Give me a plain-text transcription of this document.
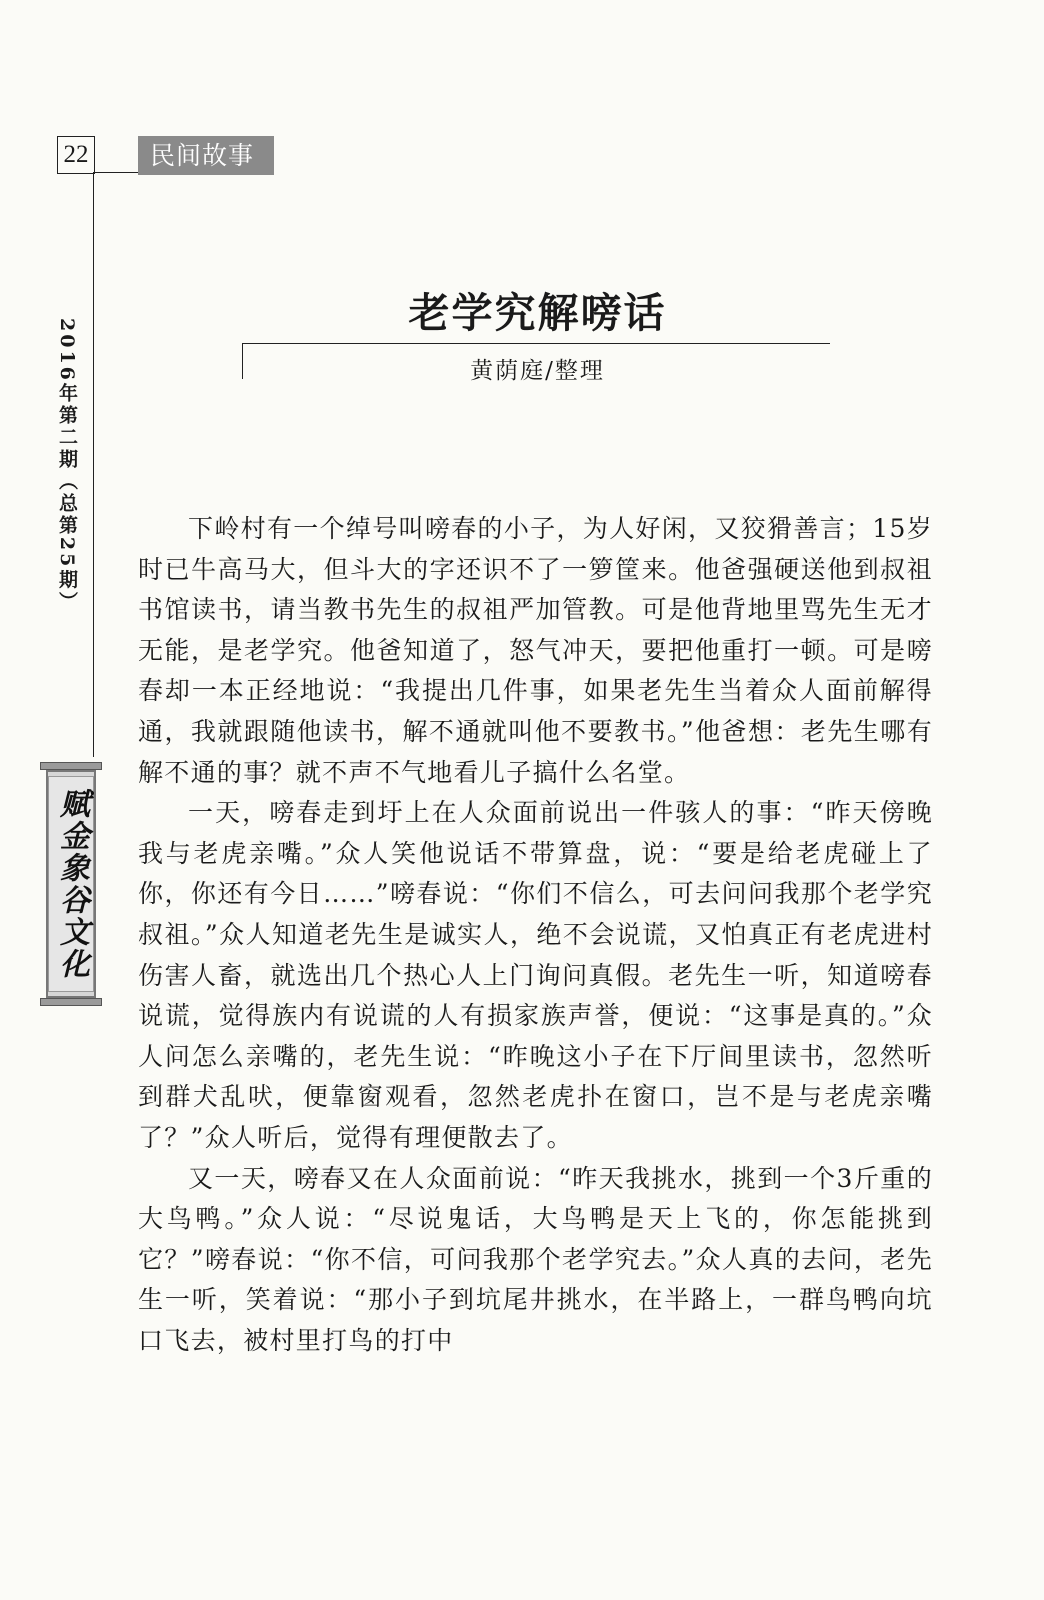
22	民间故事
2016年第二期（总第25期）
赋金象谷文化
老学究解嗙话
黄荫庭/整理

下岭村有一个绰号叫嗙春的小子，为人好闲，又狡猾善言；15岁时已牛高马大，但斗大的字还识不了一箩筐来。他爸强硬送他到叔祖书馆读书，请当教书先生的叔祖严加管教。可是他背地里骂先生无才无能，是老学究。他爸知道了，怒气冲天，要把他重打一顿。可是嗙春却一本正经地说：“我提出几件事，如果老先生当着众人面前解得通，我就跟随他读书，解不通就叫他不要教书。”他爸想：老先生哪有解不通的事？就不声不气地看儿子搞什么名堂。

一天，嗙春走到圩上在人众面前说出一件骇人的事：“昨天傍晚我与老虎亲嘴。”众人笑他说话不带算盘，说：“要是给老虎碰上了你，你还有今日……”嗙春说：“你们不信么，可去问问我那个老学究叔祖。”众人知道老先生是诚实人，绝不会说谎，又怕真正有老虎进村伤害人畜，就选出几个热心人上门询问真假。老先生一听，知道嗙春说谎，觉得族内有说谎的人有损家族声誉，便说：“这事是真的。”众人问怎么亲嘴的，老先生说：“昨晚这小子在下厅间里读书，忽然听到群犬乱吠，便靠窗观看，忽然老虎扑在窗口，岂不是与老虎亲嘴了？”众人听后，觉得有理便散去了。

又一天，嗙春又在人众面前说：“昨天我挑水，挑到一个3斤重的大鸟鸭。”众人说：“尽说鬼话，大鸟鸭是天上飞的，你怎能挑到它？”嗙春说：“你不信，可问我那个老学究去。”众人真的去问，老先生一听，笑着说：“那小子到坑尾井挑水，在半路上，一群鸟鸭向坑口飞去，被村里打鸟的打中
